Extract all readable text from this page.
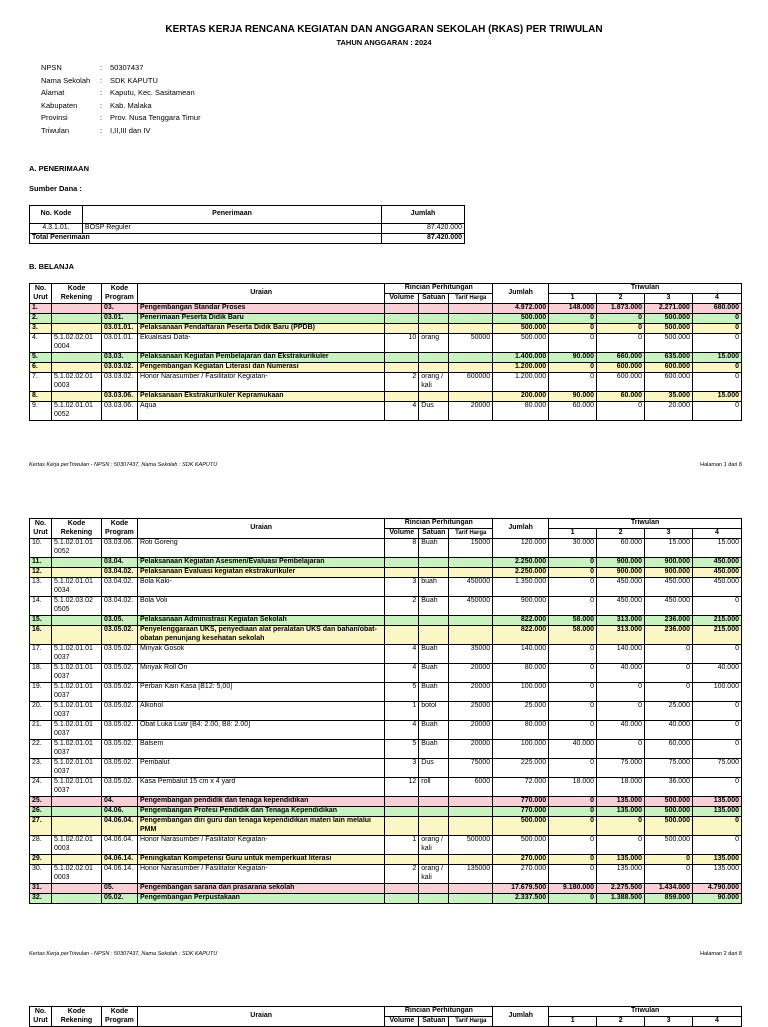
KERTAS KERJA RENCANA KEGIATAN DAN ANGGARAN SEKOLAH (RKAS) PER TRIWULAN
TAHUN ANGGARAN : 2024
NPSN	:	50307437
Nama Sekolah	:	SDK KAPUTU
Alamat	:	Kaputu, Kec. Sasitamean
Kabupaten	:	Kab. Malaka
Provinsi	:	Prov. Nusa Tenggara Timur
Triwulan	:	I,II,III dan IV
A. PENERIMAAN
Sumber Dana :
No. Kode	Penerimaan	Jumlah
4.3.1.01.	BOSP Reguler	87.420.000
Total Penerimaan		87.420.000
B. BELANJA
No. Urut	Kode Rekening	Kode Program	Uraian	Rincian Perhitungan			Jumlah	Triwulan			
				Volume	Satuan	Tarif Harga		1	2	3	4
1.		03.	Pengembangan Standar Proses				4.972.000	148.000	1.873.000	2.271.000	680.000
2.		03.01.	Penerimaan Peserta Didik Baru				500.000	0	0	500.000	0
3.		03.01.01.	Pelaksanaan Pendaftaran Peserta Didik Baru (PPDB)				500.000	0	0	500.000	0
4.	5.1.02.02.01 0004	03.01.01.	Ekualisasi Data-	10	orang	50000	500.000	0	0	500.000	0
5.		03.03.	Pelaksanaan Kegiatan Pembelajaran dan Ekstrakurikuler				1.400.000	90.000	660.000	635.000	15.000
6.		03.03.02.	Pengembangan Kegiatan Literasi dan Numerasi				1.200.000	0	600.000	600.000	0
7.	5.1.02.02.01 0003	03.03.02.	Honor Narasumber / Fasilitator Kegiatan-	2	orang / kali	600000	1.200.000	0	600.000	600.000	0
8.		03.03.06.	Pelaksanaan Ekstrakurikuler Kepramukaan				200.000	90.000	60.000	35.000	15.000
9.	5.1.02.01.01 0052	03.03.06.	Aqua	4	Dus	20000	80.000	60.000	0	20.000	0
Kertas Kerja perTriwulan - NPSN : 50307437, Nama Sekolah : SDK KAPUTU	Halaman 1 dari 8
No. Urut	Kode Rekening	Kode Program	Uraian	Rincian Perhitungan			Jumlah	Triwulan			
				Volume	Satuan	Tarif Harga		1	2	3	4
10.	5.1.02.01.01 0052	03.03.06.	Roti Goreng	8	Buah	15000	120.000	30.000	60.000	15.000	15.000
11.		03.04.	Pelaksanaan Kegiatan Asesmen/Evaluasi Pembelajaran				2.250.000	0	900.000	900.000	450.000
12.		03.04.02.	Pelaksanaan Evaluasi kegiatan ekstrakurikuler				2.250.000	0	900.000	900.000	450.000
13.	5.1.02.01.01 0034	03.04.02.	Bola Kaki-	3	buah	450000	1.350.000	0	450.000	450.000	450.000
14.	5.1.02.03.02 0505	03.04.02.	Bola Voli	2	Buah	450000	900.000	0	450.000	450.000	0
15.		03.05.	Pelaksanaan Administrasi Kegiatan Sekolah				822.000	58.000	313.000	236.000	215.000
16.		03.05.02.	Penyelenggaraan UKS, penyediaan alat peralatan UKS dan bahan/obat-obatan penunjang kesehatan sekolah				822.000	58.000	313.000	236.000	215.000
17.	5.1.02.01.01 0037	03.05.02.	Minyak Gosok	4	Buah	35000	140.000	0	140.000	0	0
18.	5.1.02.01.01 0037	03.05.02.	Minyak Roll On	4	Buah	20000	80.000	0	40.000	0	40.000
19.	5.1.02.01.01 0037	03.05.02.	Perban Kain Kasa [B12: 5,00]	5	Buah	20000	100.000	0	0	0	100.000
20.	5.1.02.01.01 0037	03.05.02.	Alkohol	1	botol	25000	25.000	0	0	25.000	0
21.	5.1.02.01.01 0037	03.05.02.	Obat Luka Luar [B4: 2.00, B8: 2.00]	4	Buah	20000	80.000	0	40.000	40.000	0
22.	5.1.02.01.01 0037	03.05.02.	Balsem	5	Buah	20000	100.000	40.000	0	60.000	0
23.	5.1.02.01.01 0037	03.05.02.	Pembalut	3	Dus	75000	225.000	0	75.000	75.000	75.000
24.	5.1.02.01.01 0037	03.05.02.	Kasa Pembalut 15 cm x 4 yard	12	roll	6000	72.000	18.000	18.000	36.000	0
25.		04.	Pengembangan pendidik dan tenaga kependidikan				770.000	0	135.000	500.000	135.000
26.		04.06.	Pengembangan Profesi Pendidik dan Tenaga Kependidikan				770.000	0	135.000	500.000	135.000
27.		04.06.04.	Pengembangan diri guru dan tenaga kependidikan materi lain melalui PMM				500.000	0	0	500.000	0
28.	5.1.02.02.01 0003	04.06.04.	Honor Narasumber / Fasilitator Kegiatan-	1	orang / kali	500000	500.000	0	0	500.000	0
29.		04.06.14.	Peningkatan Kompetensi Guru untuk memperkuat literasi				270.000	0	135.000	0	135.000
30.	5.1.02.02.01 0003	04.06.14.	Honor Narasumber / Fasilitator Kegiatan-	2	orang / kali	135000	270.000	0	135.000	0	135.000
31.		05.	Pengembangan sarana dan prasarana sekolah				17.679.500	9.180.000	2.275.500	1.434.000	4.790.000
32.		05.02.	Pengembangan Perpustakaan				2.337.500	0	1.388.500	859.000	90.000
Kertas Kerja perTriwulan - NPSN : 50307437, Nama Sekolah : SDK KAPUTU	Halaman 2 dari 8
No. Urut	Kode Rekening	Kode Program	Uraian	Rincian Perhitungan			Jumlah	Triwulan			
				Volume	Satuan	Tarif Harga		1	2	3	4
